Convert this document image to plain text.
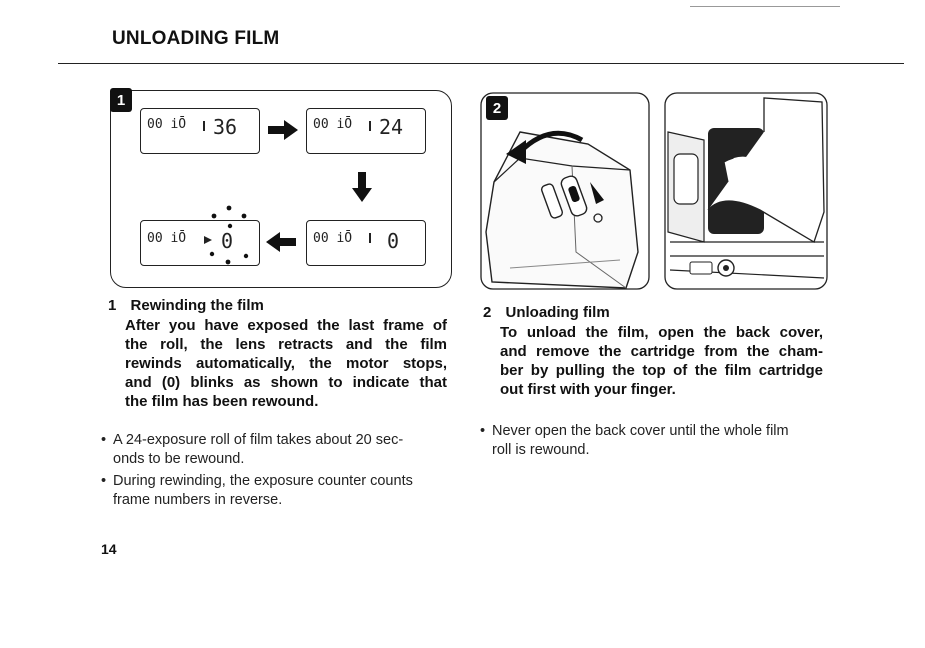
UNLOADING FILM
1
00 iŌ 36	00 iŌ 24
00 iŌ 0
00 iŌ 0
2
1 Rewinding the film
After you have exposed the last frame of
the roll, the lens retracts and the film
rewinds automatically, the motor stops,
and (0) blinks as shown to indicate that
the film has been rewound.
• A 24-exposure roll of film takes about 20 sec-
onds to be rewound.
• During rewinding, the exposure counter counts
frame numbers in reverse.
2 Unloading film
To unload the film, open the back cover,
and remove the cartridge from the cham-
ber by pulling the top of the film cartridge
out first with your finger.
• Never open the back cover until the whole film
roll is rewound.
14
